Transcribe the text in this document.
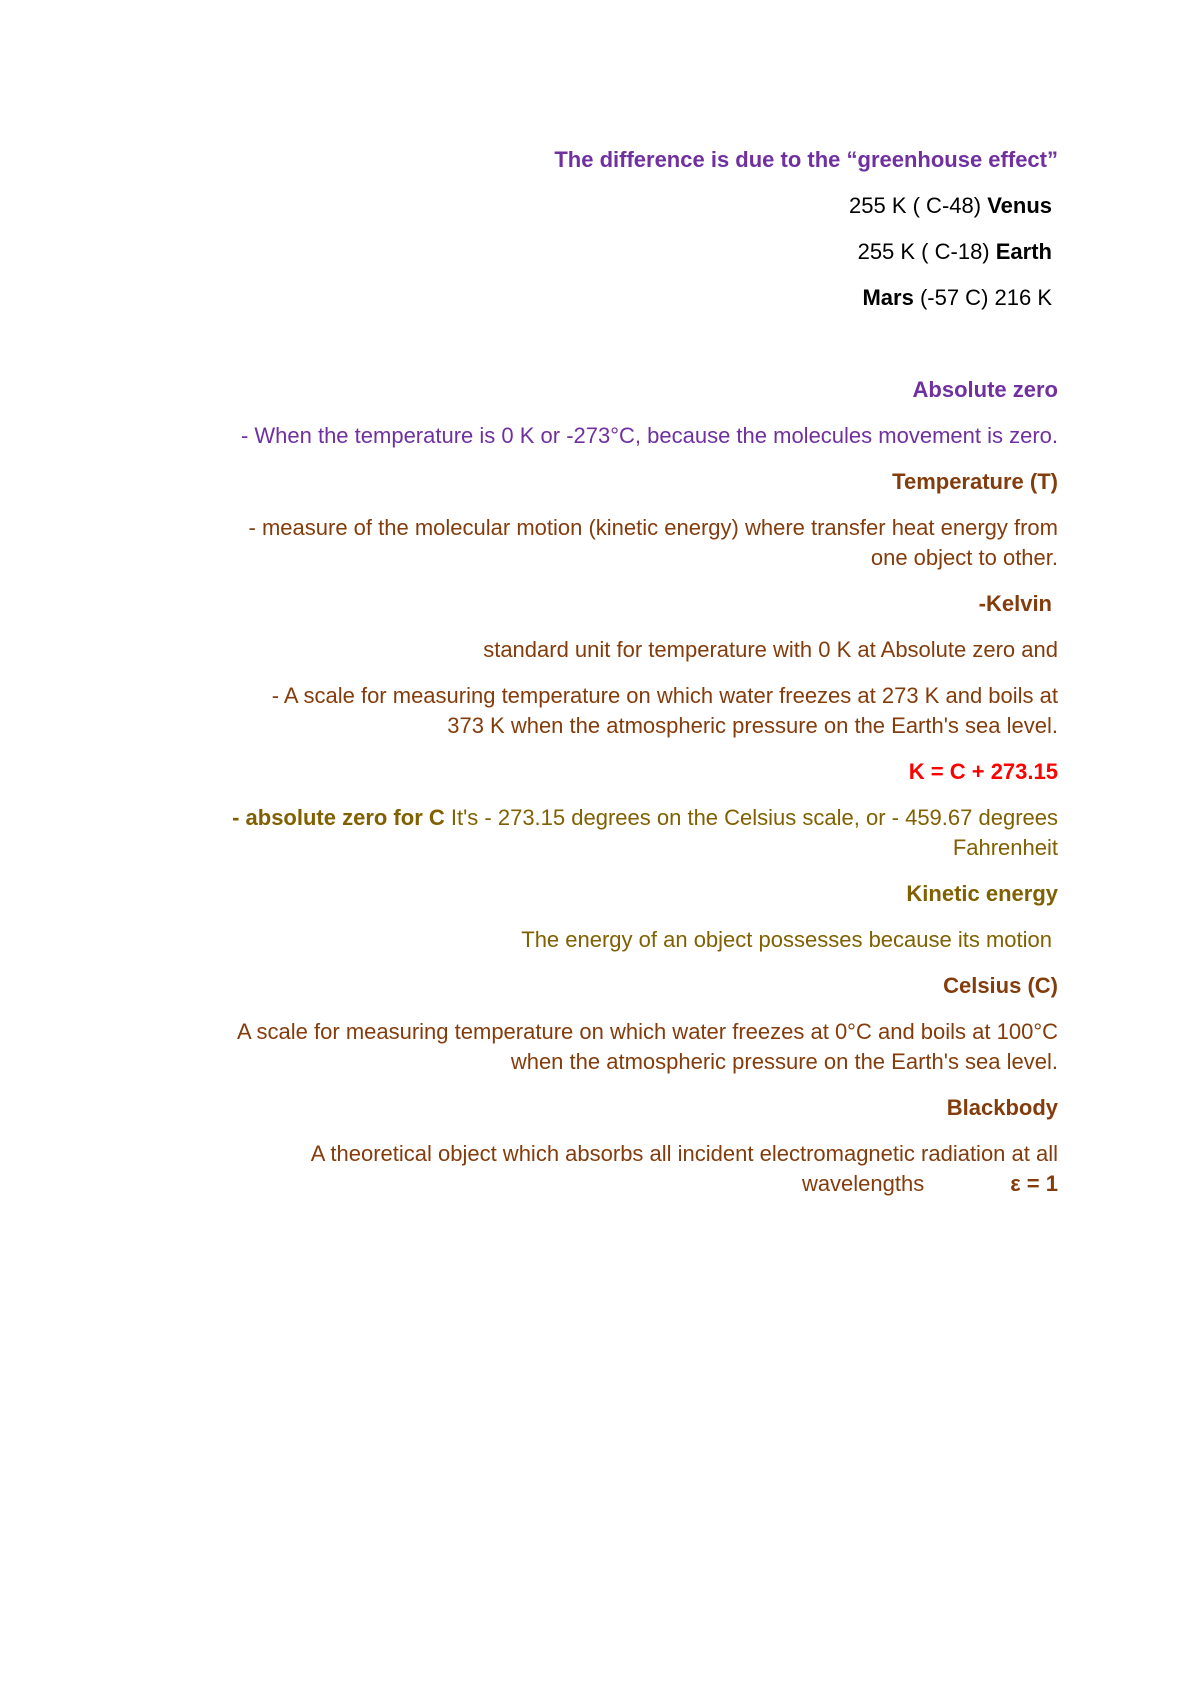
The difference is due to the “greenhouse effect”
255 K ( C-48) Venus
255 K ( C-18) Earth
Mars (-57 C) 216 K
Absolute zero
- When the temperature is 0 K or -273°C, because the molecules movement is zero.
Temperature (T)
- measure of the molecular motion (kinetic energy) where transfer heat energy from
one object to other.
-Kelvin
standard unit for temperature with 0 K at Absolute zero and
- A scale for measuring temperature on which water freezes at 273 K and boils at
373 K when the atmospheric pressure on the Earth's sea level.
K = C + 273.15
- absolute zero for C It's - 273.15 degrees on the Celsius scale, or - 459.67 degrees
Fahrenheit
Kinetic energy
The energy of an object possesses because its motion
Celsius (C)
A scale for measuring temperature on which water freezes at 0°C and boils at 100°C
when the atmospheric pressure on the Earth's sea level.
Blackbody
A theoretical object which absorbs all incident electromagnetic radiation at all
wavelengths	ε = 1
